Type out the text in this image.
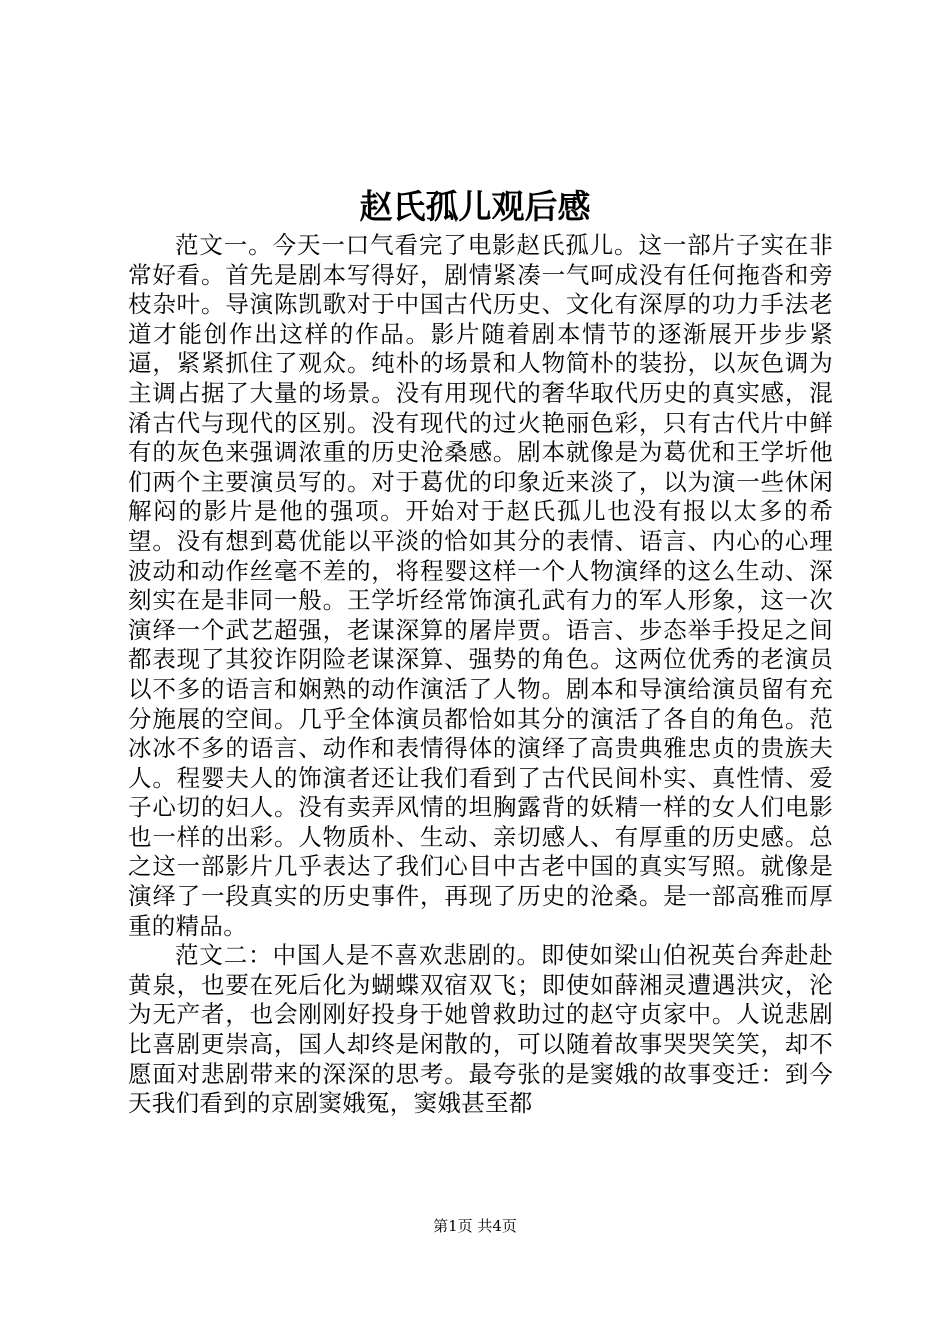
赵氏孤儿观后感

范文一。今天一口气看完了电影赵氏孤儿。这一部片子实在非常好看。首先是剧本写得好，剧情紧凑一气呵成没有任何拖沓和旁枝杂叶。导演陈凯歌对于中国古代历史、文化有深厚的功力手法老道才能创作出这样的作品。影片随着剧本情节的逐渐展开步步紧逼，紧紧抓住了观众。纯朴的场景和人物简朴的装扮，以灰色调为主调占据了大量的场景。没有用现代的奢华取代历史的真实感，混淆古代与现代的区别。没有现代的过火艳丽色彩，只有古代片中鲜有的灰色来强调浓重的历史沧桑感。剧本就像是为葛优和王学圻他们两个主要演员写的。对于葛优的印象近来淡了，以为演一些休闲解闷的影片是他的强项。开始对于赵氏孤儿也没有报以太多的希望。没有想到葛优能以平淡的恰如其分的表情、语言、内心的心理波动和动作丝毫不差的，将程婴这样一个人物演绎的这么生动、深刻实在是非同一般。王学圻经常饰演孔武有力的军人形象，这一次演绎一个武艺超强，老谋深算的屠岸贾。语言、步态举手投足之间都表现了其狡诈阴险老谋深算、强势的角色。这两位优秀的老演员以不多的语言和娴熟的动作演活了人物。剧本和导演给演员留有充分施展的空间。几乎全体演员都恰如其分的演活了各自的角色。范冰冰不多的语言、动作和表情得体的演绎了高贵典雅忠贞的贵族夫人。程婴夫人的饰演者还让我们看到了古代民间朴实、真性情、爱子心切的妇人。没有卖弄风情的坦胸露背的妖精一样的女人们电影也一样的出彩。人物质朴、生动、亲切感人、有厚重的历史感。总之这一部影片几乎表达了我们心目中古老中国的真实写照。就像是演绎了一段真实的历史事件，再现了历史的沧桑。是一部高雅而厚重的精品。

范文二：中国人是不喜欢悲剧的。即使如梁山伯祝英台奔赴赴黄泉，也要在死后化为蝴蝶双宿双飞；即使如薛湘灵遭遇洪灾，沦为无产者，也会刚刚好投身于她曾救助过的赵守贞家中。人说悲剧比喜剧更崇高，国人却终是闲散的，可以随着故事哭哭笑笑，却不愿面对悲剧带来的深深的思考。最夸张的是窦娥的故事变迁：到今天我们看到的京剧窦娥冤，窦娥甚至都

第1页 共4页
